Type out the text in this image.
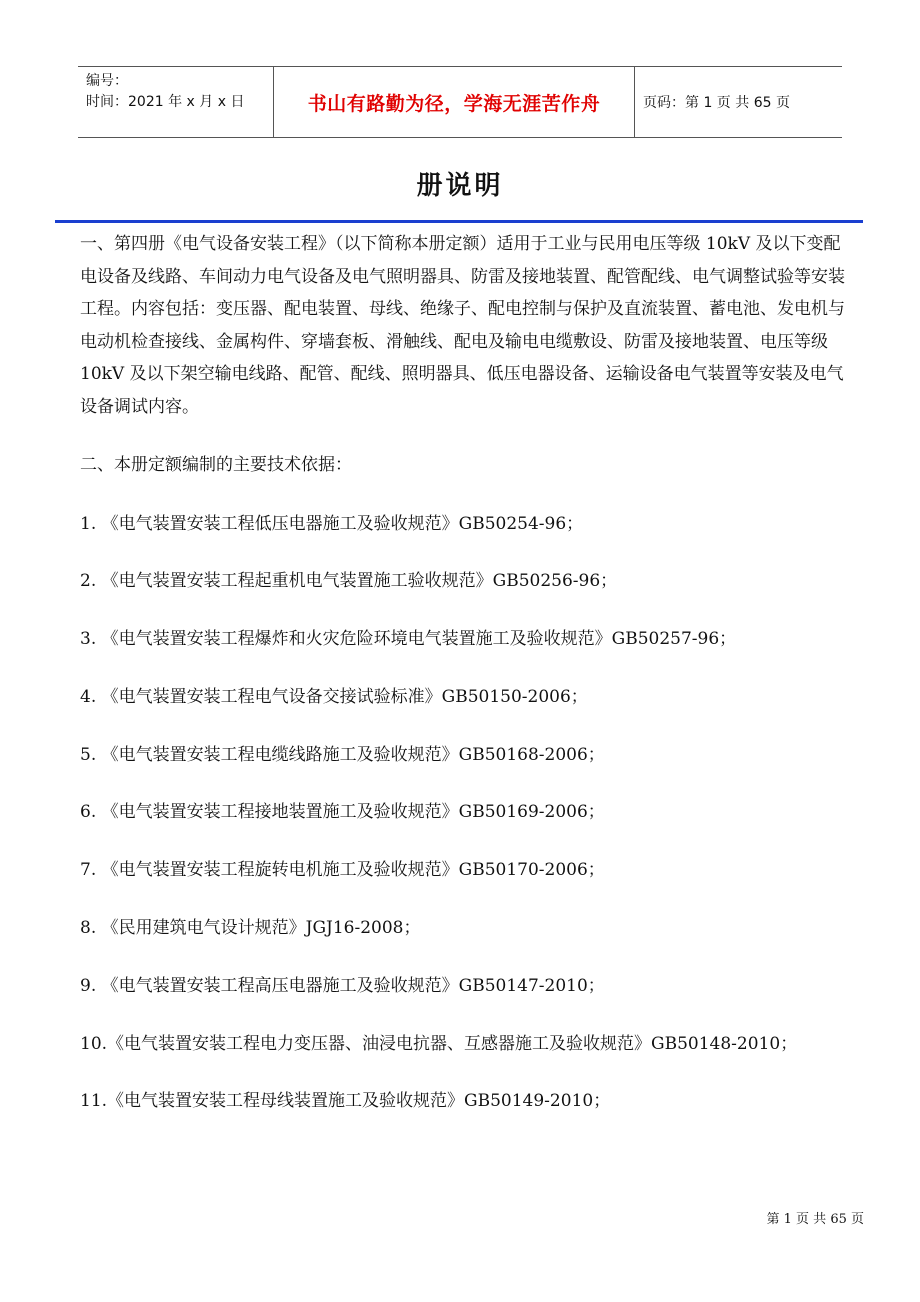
编号：
时间：2021 年 x 月 x 日	书山有路勤为径，学海无涯苦作舟	页码：第 1 页 共 65 页
册说明

一、第四册《电气设备安装工程》（以下简称本册定额）适用于工业与民用电压等级 10kV 及以下变配电设备及线路、车间动力电气设备及电气照明器具、防雷及接地装置、配管配线、电气调整试验等安装工程。内容包括：变压器、配电装置、母线、绝缘子、配电控制与保护及直流装置、蓄电池、发电机与电动机检查接线、金属构件、穿墙套板、滑触线、配电及输电电缆敷设、防雷及接地装置、电压等级 10kV 及以下架空输电线路、配管、配线、照明器具、低压电器设备、运输设备电气装置等安装及电气设备调试内容。

二、本册定额编制的主要技术依据：

1. 《电气装置安装工程低压电器施工及验收规范》GB50254-96；

2. 《电气装置安装工程起重机电气装置施工验收规范》GB50256-96；

3. 《电气装置安装工程爆炸和火灾危险环境电气装置施工及验收规范》GB50257-96；

4. 《电气装置安装工程电气设备交接试验标准》GB50150-2006；

5. 《电气装置安装工程电缆线路施工及验收规范》GB50168-2006；

6. 《电气装置安装工程接地装置施工及验收规范》GB50169-2006；

7. 《电气装置安装工程旋转电机施工及验收规范》GB50170-2006；

8. 《民用建筑电气设计规范》JGJ16-2008；

9. 《电气装置安装工程高压电器施工及验收规范》GB50147-2010；

10.《电气装置安装工程电力变压器、油浸电抗器、互感器施工及验收规范》GB50148-2010；

11.《电气装置安装工程母线装置施工及验收规范》GB50149-2010；

第 1 页 共 65 页
